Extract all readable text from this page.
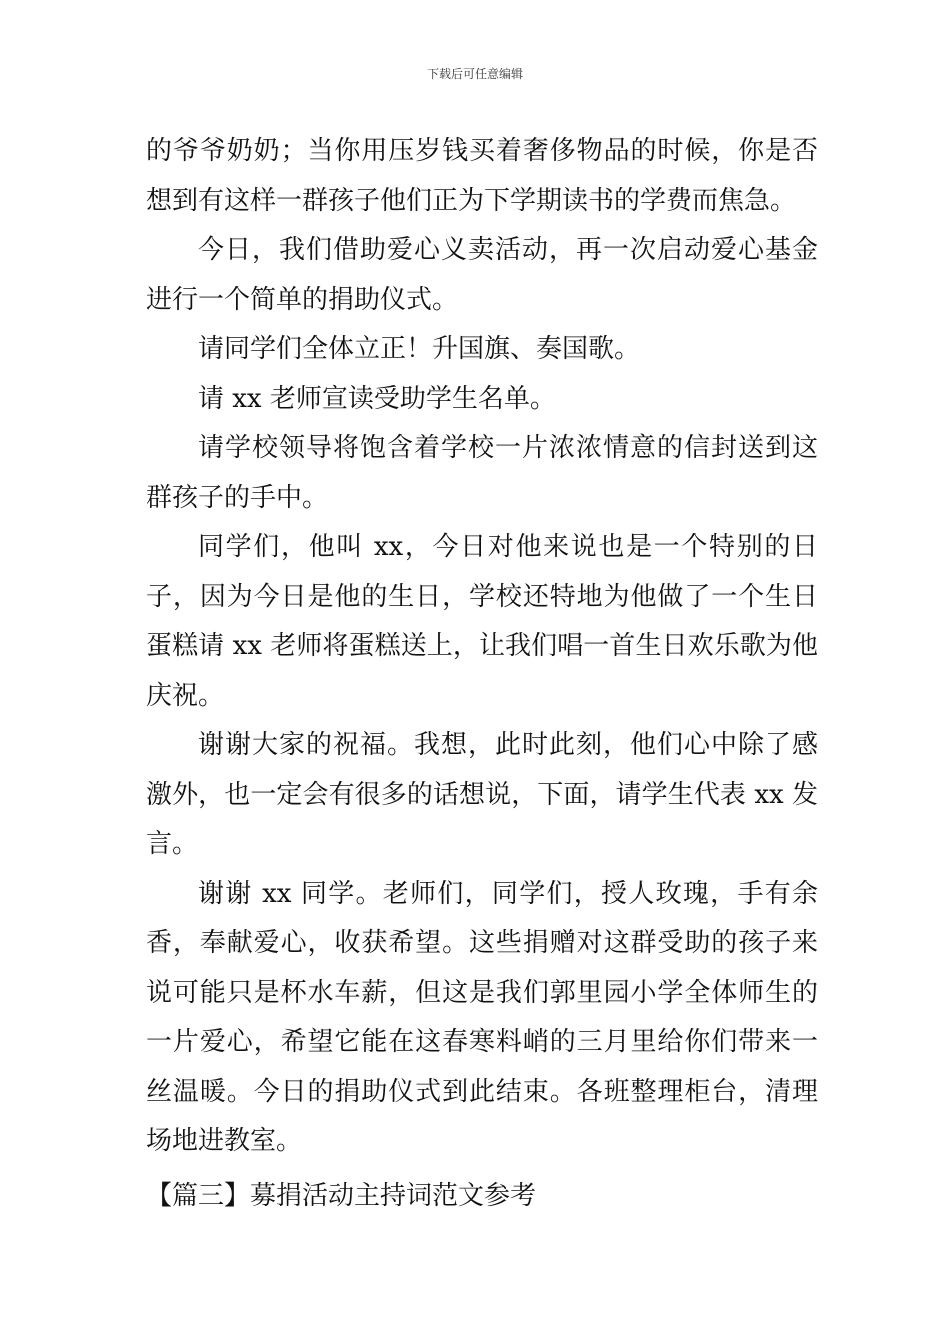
下载后可任意编辑

的爷爷奶奶；当你用压岁钱买着奢侈物品的时候，你是否想到有这样一群孩子他们正为下学期读书的学费而焦急。

今日，我们借助爱心义卖活动，再一次启动爱心基金进行一个简单的捐助仪式。

请同学们全体立正！升国旗、奏国歌。

请 xx 老师宣读受助学生名单。

请学校领导将饱含着学校一片浓浓情意的信封送到这群孩子的手中。

同学们，他叫 xx，今日对他来说也是一个特别的日子，因为今日是他的生日，学校还特地为他做了一个生日蛋糕请 xx 老师将蛋糕送上，让我们唱一首生日欢乐歌为他庆祝。

谢谢大家的祝福。我想，此时此刻，他们心中除了感激外，也一定会有很多的话想说，下面，请学生代表 xx 发言。

谢谢 xx 同学。老师们，同学们，授人玫瑰，手有余香，奉献爱心，收获希望。这些捐赠对这群受助的孩子来说可能只是杯水车薪，但这是我们郭里园小学全体师生的一片爱心，希望它能在这春寒料峭的三月里给你们带来一丝温暖。今日的捐助仪式到此结束。各班整理柜台，清理场地进教室。

【篇三】募捐活动主持词范文参考
